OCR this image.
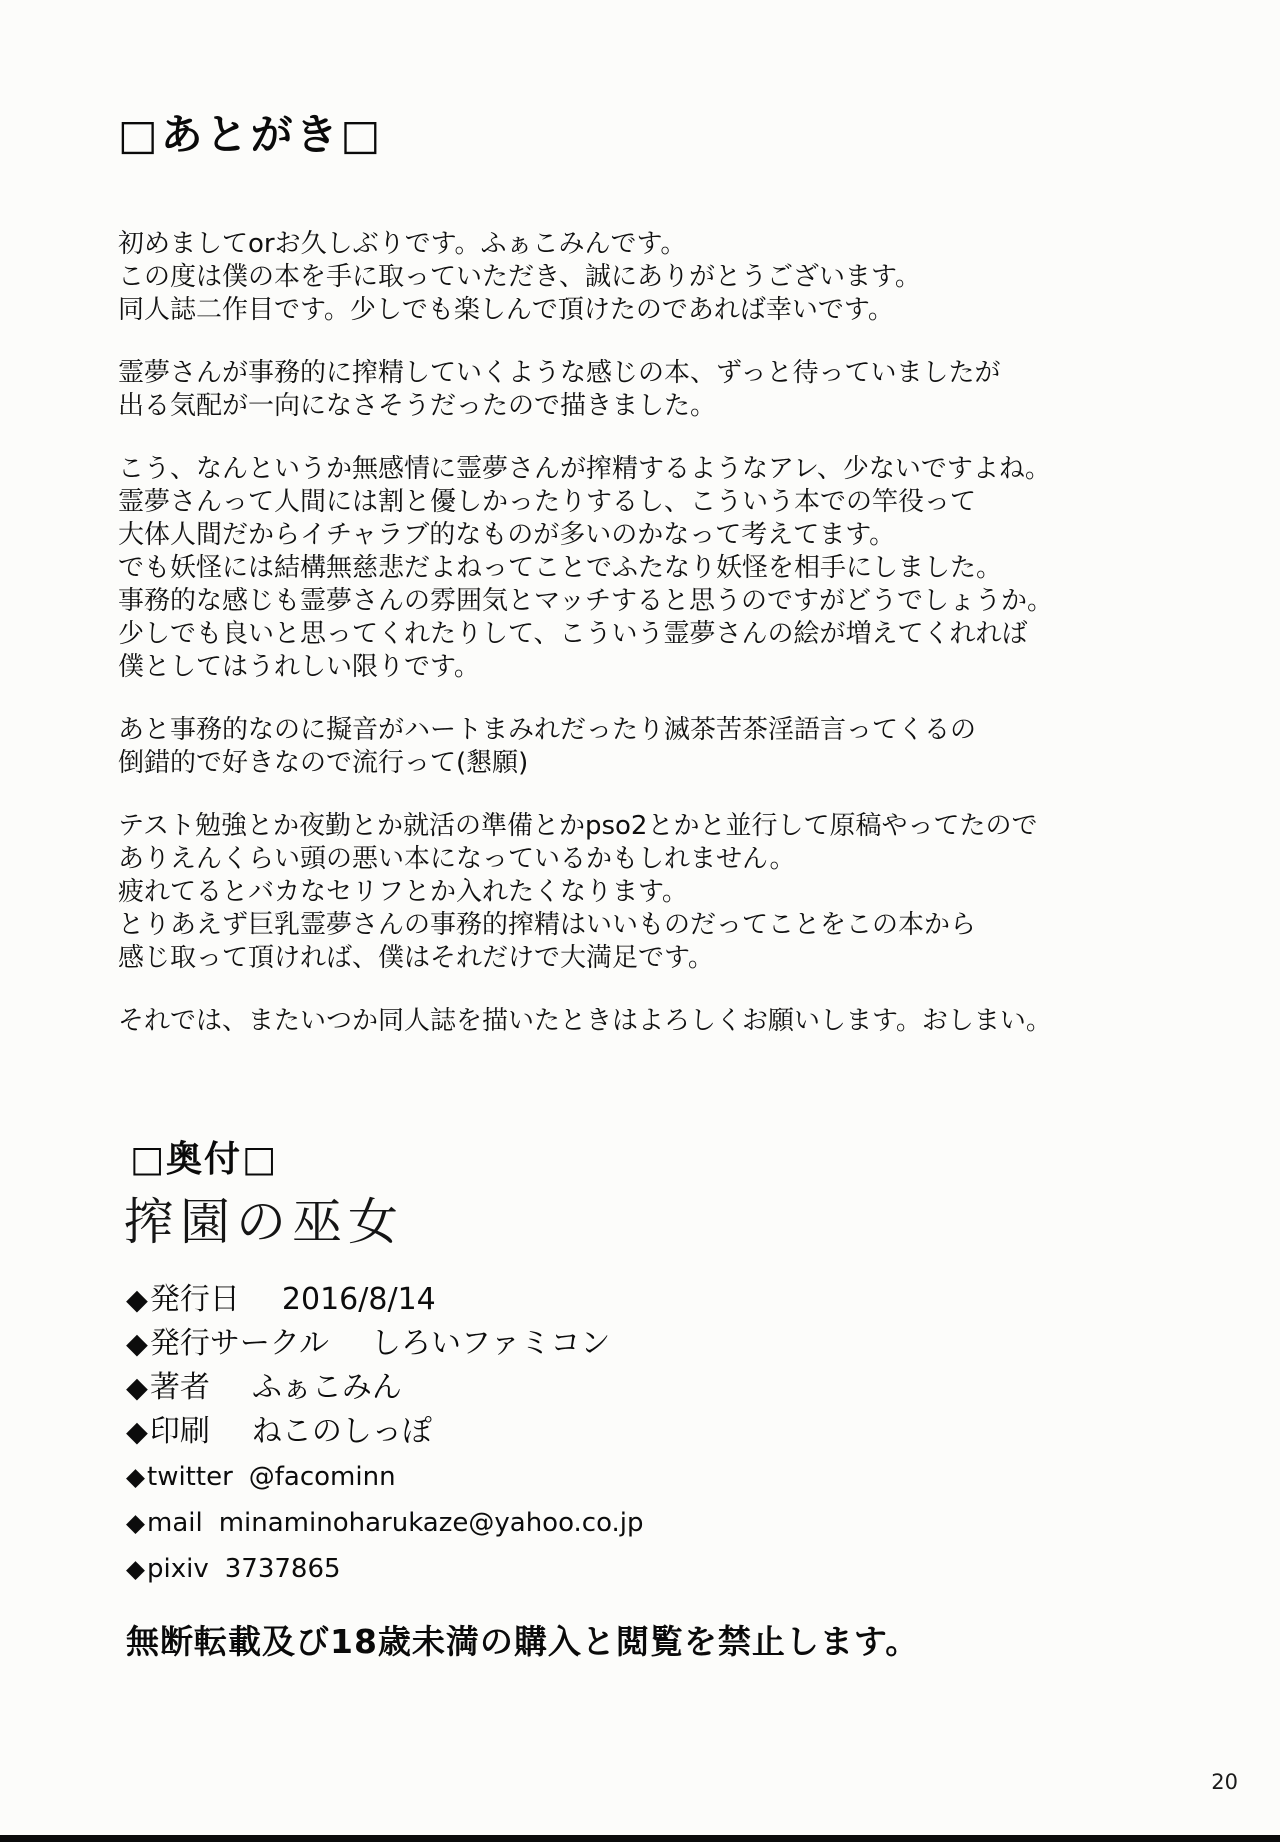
□あとがき□
初めましてorお久しぶりです。ふぁこみんです。
この度は僕の本を手に取っていただき、誠にありがとうございます。
同人誌二作目です。少しでも楽しんで頂けたのであれば幸いです。
霊夢さんが事務的に搾精していくような感じの本、ずっと待っていましたが
出る気配が一向になさそうだったので描きました。
こう、なんというか無感情に霊夢さんが搾精するようなアレ、少ないですよね。
霊夢さんって人間には割と優しかったりするし、こういう本での竿役って
大体人間だからイチャラブ的なものが多いのかなって考えてます。
でも妖怪には結構無慈悲だよねってことでふたなり妖怪を相手にしました。
事務的な感じも霊夢さんの雰囲気とマッチすると思うのですがどうでしょうか。
少しでも良いと思ってくれたりして、こういう霊夢さんの絵が増えてくれれば
僕としてはうれしい限りです。
あと事務的なのに擬音がハートまみれだったり滅茶苦茶淫語言ってくるの
倒錯的で好きなので流行って(懇願)
テスト勉強とか夜勤とか就活の準備とかpso2とかと並行して原稿やってたので
ありえんくらい頭の悪い本になっているかもしれません。
疲れてるとバカなセリフとか入れたくなります。
とりあえず巨乳霊夢さんの事務的搾精はいいものだってことをこの本から
感じ取って頂ければ、僕はそれだけで大満足です。
それでは、またいつか同人誌を描いたときはよろしくお願いします。おしまい。
□奥付□
搾園の巫女
◆発行日 2016/8/14
◆発行サークル しろいファミコン
◆著者 ふぁこみん
◆印刷 ねこのしっぽ
◆twitter @facominn
◆mail minaminoharukaze@yahoo.co.jp
◆pixiv 3737865
無断転載及び18歳未満の購入と閲覧を禁止します。
20
